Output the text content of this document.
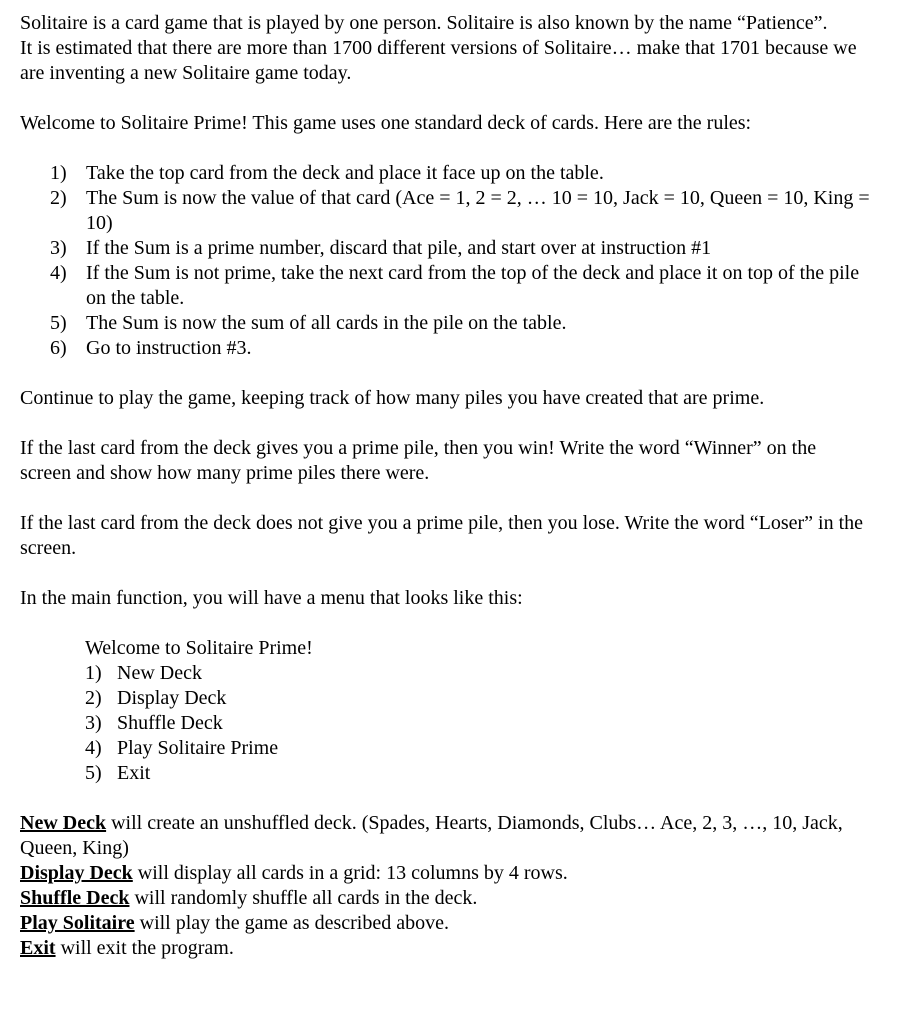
Solitaire is a card game that is played by one person. Solitaire is also known by the name “Patience”.

It is estimated that there are more than 1700 different versions of Solitaire… make that 1701 because we are inventing a new Solitaire game today.

Welcome to Solitaire Prime! This game uses one standard deck of cards. Here are the rules:

1) Take the top card from the deck and place it face up on the table.
2) The Sum is now the value of that card (Ace = 1, 2 = 2, … 10 = 10, Jack = 10, Queen = 10, King = 10)
3) If the Sum is a prime number, discard that pile, and start over at instruction #1
4) If the Sum is not prime, take the next card from the top of the deck and place it on top of the pile on the table.
5) The Sum is now the sum of all cards in the pile on the table.
6) Go to instruction #3.

Continue to play the game, keeping track of how many piles you have created that are prime.

If the last card from the deck gives you a prime pile, then you win! Write the word “Winner” on the screen and show how many prime piles there were.

If the last card from the deck does not give you a prime pile, then you lose. Write the word “Loser” in the screen.

In the main function, you will have a menu that looks like this:

Welcome to Solitaire Prime!

1) New Deck
2) Display Deck
3) Shuffle Deck
4) Play Solitaire Prime
5) Exit

New Deck will create an unshuffled deck. (Spades, Hearts, Diamonds, Clubs… Ace, 2, 3, …, 10, Jack, Queen, King)

Display Deck will display all cards in a grid: 13 columns by 4 rows.

Shuffle Deck will randomly shuffle all cards in the deck.

Play Solitaire will play the game as described above.

Exit will exit the program.
